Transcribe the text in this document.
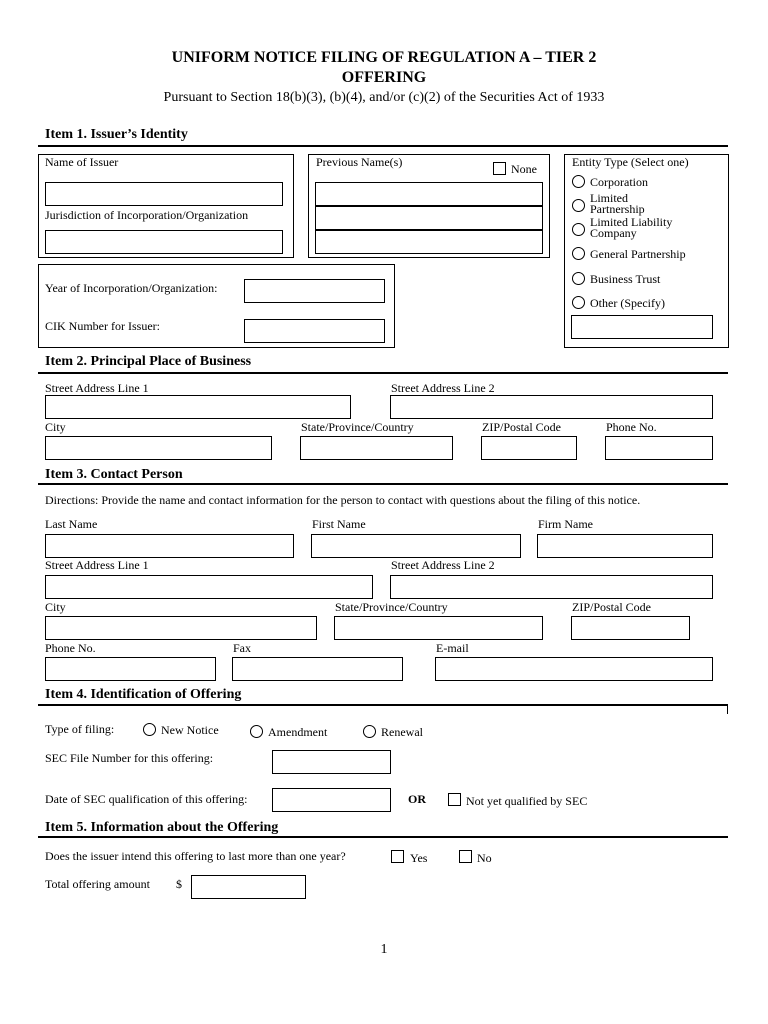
UNIFORM NOTICE FILING OF REGULATION A – TIER 2
OFFERING
Pursuant to Section 18(b)(3), (b)(4), and/or (c)(2) of the Securities Act of 1933
Item 1. Issuer’s Identity
Name of Issuer
Jurisdiction of Incorporation/Organization
Previous Name(s)	None	Entity Type (Select one)
Corporation
Limited Partnership
Limited Liability Company
General Partnership
Business Trust
Other (Specify)
Year of Incorporation/Organization:
CIK Number for Issuer:
Item 2. Principal Place of Business
Street Address Line 1	Street Address Line 2
City	State/Province/Country	ZIP/Postal Code	Phone No.
Item 3. Contact Person
Directions: Provide the name and contact information for the person to contact with questions about the filing of this notice.
Last Name	First Name	Firm Name
Street Address Line 1	Street Address Line 2
City	State/Province/Country	ZIP/Postal Code
Phone No.	Fax	E-mail
Item 4. Identification of Offering
Type of filing:	New Notice	Amendment	Renewal
SEC File Number for this offering:
Date of SEC qualification of this offering:	OR	Not yet qualified by SEC
Item 5. Information about the Offering
Does the issuer intend this offering to last more than one year?	Yes	No
Total offering amount $
1
